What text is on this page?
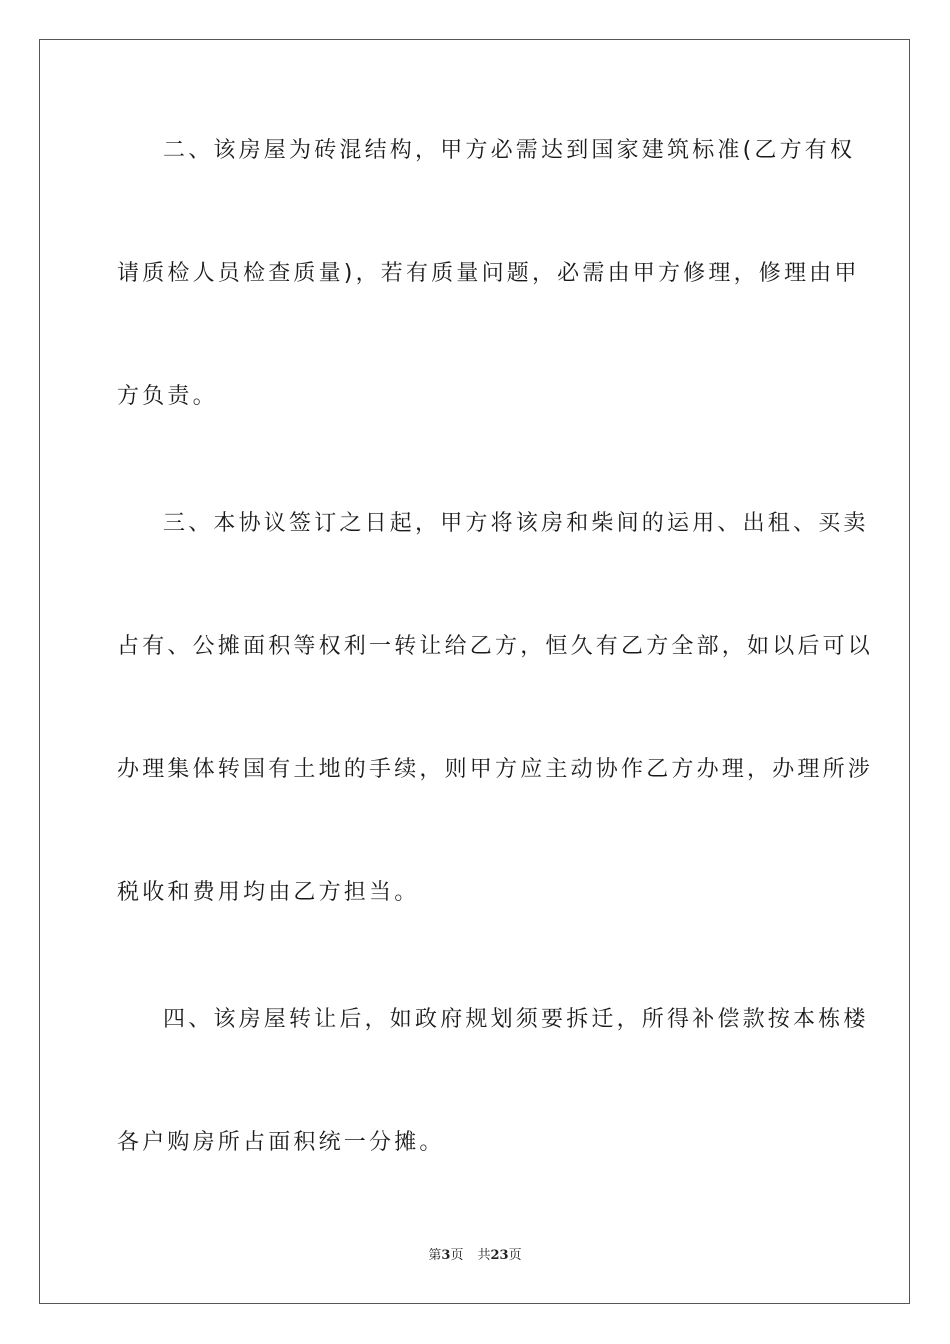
二、该房屋为砖混结构，甲方必需达到国家建筑标准(乙方有权
请质检人员检查质量)，若有质量问题，必需由甲方修理，修理由甲
方负责。
三、本协议签订之日起，甲方将该房和柴间的运用、出租、买卖
占有、公摊面积等权利一转让给乙方，恒久有乙方全部，如以后可以
办理集体转国有土地的手续，则甲方应主动协作乙方办理，办理所涉
税收和费用均由乙方担当。
四、该房屋转让后，如政府规划须要拆迁，所得补偿款按本栋楼
各户购房所占面积统一分摊。
第3页 共23页
